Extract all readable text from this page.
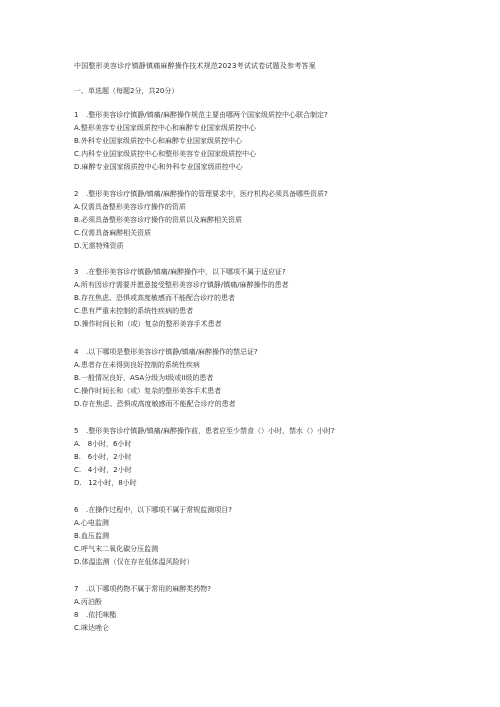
中国整形美容诊疗镇静镇痛麻醉操作技术规范2023考试试卷试题及参考答案
一、单选题（每题2分，共20分）
1 .整形美容诊疗镇静/镇痛/麻醉操作规范主要由哪两个国家级质控中心联合制定?
A.整形美容专业国家级质控中心和麻醉专业国家级质控中心
B.外科专业国家级质控中心和麻醉专业国家级质控中心
C.内科专业国家级质控中心和整形美容专业国家级质控中心
D.麻醉专业国家级质控中心和外科专业国家级质控中心
2 .整形美容诊疗镇静/镇痛/麻醉操作的管理要求中，医疗机构必须具备哪些资质?
A.仅需具备整形美容诊疗操作的资质
B.必须具备整形美容诊疗操作的资质以及麻醉相关资质
C.仅需具备麻醉相关资质
D.无需特殊资质
3 .在整形美容诊疗镇静/镇痛/麻醉操作中，以下哪项不属于适应证?
A.所有因诊疗需要并愿意接受整形美容诊疗镇静/镇痛/麻醉操作的患者
B.存在焦虑、恐惧或高度敏感而不能配合诊疗的患者
C.患有严重未控制的系统性疾病的患者
D.操作时间长和（或）复杂的整形美容手术患者
4 .以下哪项是整形美容诊疗镇静/镇痛/麻醉操作的禁忌证?
A.患者存在未得到良好控制的系统性疾病
B.一般情况良好，ASA分级为I级或II级的患者
C.操作时间长和（或）复杂的整形美容手术患者
D.存在焦虑、恐惧或高度敏感而不能配合诊疗的患者
5 .整形美容诊疗镇静/镇痛/麻醉操作前，患者应至少禁食（）小时，禁水（）小时?
A.   8小时，6小时
B.   6小时，2小时
C.   4小时，2小时
D.   12小时，8小时
6 .在操作过程中，以下哪项不属于常规监测项目?
A.心电监测
B.血压监测
C.呼气末二氧化碳分压监测
D.体温监测（仅在存在低体温风险时）
7 .以下哪项药物不属于常用的麻醉类药物?
A.丙泊酚
8 .依托咪酯
C.咪达唑仑
